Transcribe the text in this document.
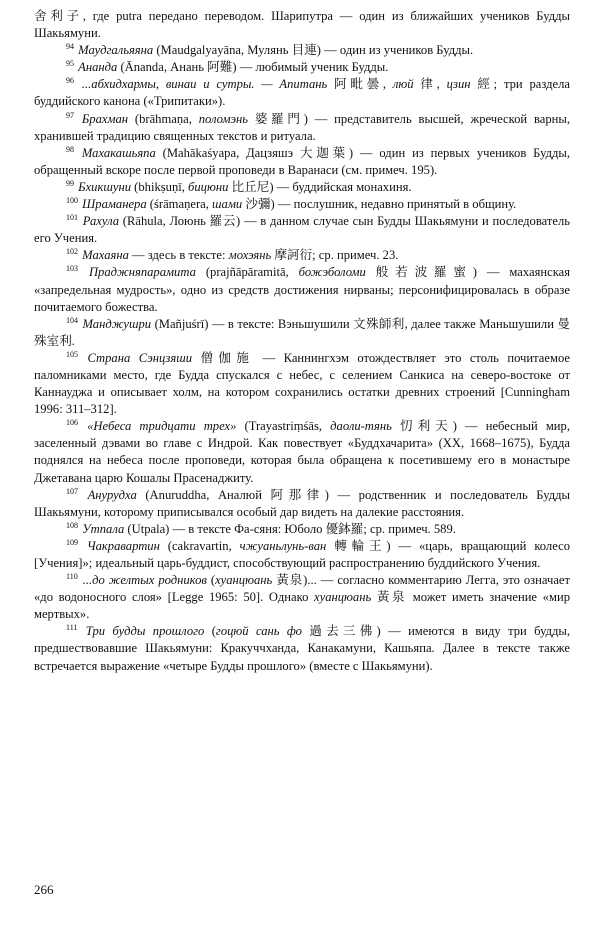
舍利子, где putra передано переводом. Шарипутра — один из ближайших учеников Будды Шакьямуни.

$^{94}$ Маудгальяяна (Maudgalyayāna, Мулянь 目連) — один из учеников Будды.

$^{95}$ Ананда (Ānanda, Анань 阿難) — любимый ученик Будды.

$^{96}$ ...абхидхармы, винаи и сутры. — Апитань 阿毗曇, люй 律, цзин 經; три раздела буддийского канона («Трипитаки»).

$^{97}$ Брахман (brāhmaṇa, поломэнь 婆羅門) — представитель высшей, жреческой варны, хранившей традицию священных текстов и ритуала.

$^{98}$ Махакашьяпа (Mahākaśyapa, Дацзяшэ 大迦葉) — один из первых учеников Будды, обращенный вскоре после первой проповеди в Варанаси (см. примеч. 195).

$^{99}$ Бхикшуни (bhikṣuṇī, бицюни 比丘尼) — буддийская монахиня.

$^{100}$ Шраманера (śrāmaṇera, шами 沙彌) — послушник, недавно принятый в общину.

$^{101}$ Рахула (Rāhula, Лоюнь 羅云) — в данном случае сын Будды Шакьямуни и последователь его Учения.

$^{102}$ Махаяна — здесь в тексте: мохэянь 摩訶衍; ср. примеч. 23.

$^{103}$ Праджняпарамита (prajñāpāramitā, божэболоми 般若波羅蜜) — махаянская «запредельная мудрость», одно из средств достижения нирваны; персонифицировалась в образе почитаемого божества.

$^{104}$ Манджушри (Mañjuśrī) — в тексте: Вэньшушили 文殊師利, далее также Маньшушили 曼殊室利.

$^{105}$ Страна Сэнцзяши 僧伽施 — Каннингхэм отождествляет это столь почитаемое паломниками место, где Будда спускался с небес, с селением Санкиса на северо-востоке от Каннауджа и описывает холм, на котором сохранились остатки древних строений [Cunningham 1996: 311–312].

$^{106}$ «Небеса тридцати трех» (Trayastriṃśās, даоли-тянь 忉利天) — небесный мир, заселенный дэвами во главе с Индрой. Как повествует «Буддхачарита» (XX, 1668–1675), Будда поднялся на небеса после проповеди, которая была обращена к посетившему его в монастыре Джетавана царю Кошалы Прасенаджиту.

$^{107}$ Анурудха (Anuruddha, Аналюй 阿那律) — родственник и последователь Будды Шакьямуни, которому приписывался особый дар видеть на далекие расстояния.

$^{108}$ Утпала (Utpala) — в тексте Фа-сяня: Юболо 優鉢羅; ср. примеч. 589.

$^{109}$ Чакравартин (cakravartin, чжуаньлунь-ван 轉輪王) — «царь, вращающий колесо [Учения]»; идеальный царь-буддист, способствующий распространению буддийского Учения.

$^{110}$ ...до желтых родников (хуанцюань 黃泉)... — согласно комментарию Легга, это означает «до водоносного слоя» [Legge 1965: 50]. Однако хуанцюань 黃泉 может иметь значение «мир мертвых».

$^{111}$ Три будды прошлого (гоцюй сань фо 過去三佛) — имеются в виду три будды, предшествовавшие Шакьямуни: Кракуччханда, Канакамуни, Кашьяпа. Далее в тексте также встречается выражение «четыре Будды прошлого» (вместе с Шакьямуни).

266
